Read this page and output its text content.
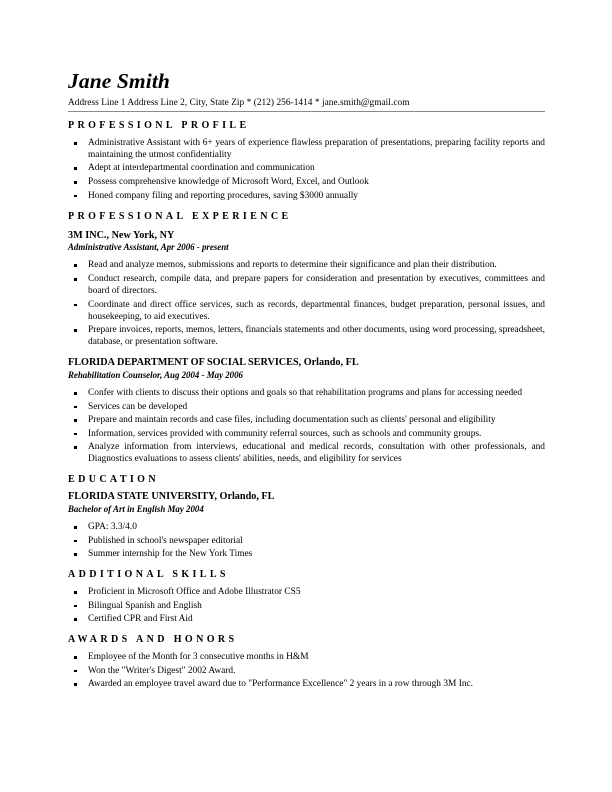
Jane Smith
Address Line 1 Address Line 2, City, State Zip * (212) 256-1414 * jane.smith@gmail.com
PROFESSIONL PROFILE
Administrative Assistant with 6+ years of experience flawless preparation of presentations, preparing facility reports and maintaining the utmost confidentiality
Adept at interdepartmental coordination and communication
Possess comprehensive knowledge of Microsoft Word, Excel, and Outlook
Honed company filing and reporting procedures, saving $3000 annually
PROFESSIONAL EXPERIENCE
3M INC., New York, NY
Administrative Assistant, Apr 2006 - present
Read and analyze memos, submissions and reports to determine their significance and plan their distribution.
Conduct research, compile data, and prepare papers for consideration and presentation by executives, committees and board of directors.
Coordinate and direct office services, such as records, departmental finances, budget preparation, personal issues, and housekeeping, to aid executives.
Prepare invoices, reports, memos, letters, financials statements and other documents, using word processing, spreadsheet, database, or presentation software.
FLORIDA DEPARTMENT OF SOCIAL SERVICES, Orlando, FL
Rehabilitation Counselor, Aug 2004 - May 2006
Confer with clients to discuss their options and goals so that rehabilitation programs and plans for accessing needed
Services can be developed
Prepare and maintain records and case files, including documentation such as clients' personal and eligibility
Information, services provided with community referral sources, such as schools and community groups.
Analyze information from interviews, educational and medical records, consultation with other professionals, and Diagnostics evaluations to assess clients' abilities, needs, and eligibility for services
EDUCATION
FLORIDA STATE UNIVERSITY, Orlando, FL
Bachelor of Art in English May 2004
GPA: 3.3/4.0
Published in school's newspaper editorial
Summer internship for the New York Times
ADDITIONAL SKILLS
Proficient in Microsoft Office and Adobe Illustrator CS5
Bilingual Spanish and English
Certified CPR and First Aid
AWARDS AND HONORS
Employee of the Month for 3 consecutive months in H&M
Won the "Writer's Digest" 2002 Award.
Awarded an employee travel award due to "Performance Excellence" 2 years in a row through 3M Inc.
